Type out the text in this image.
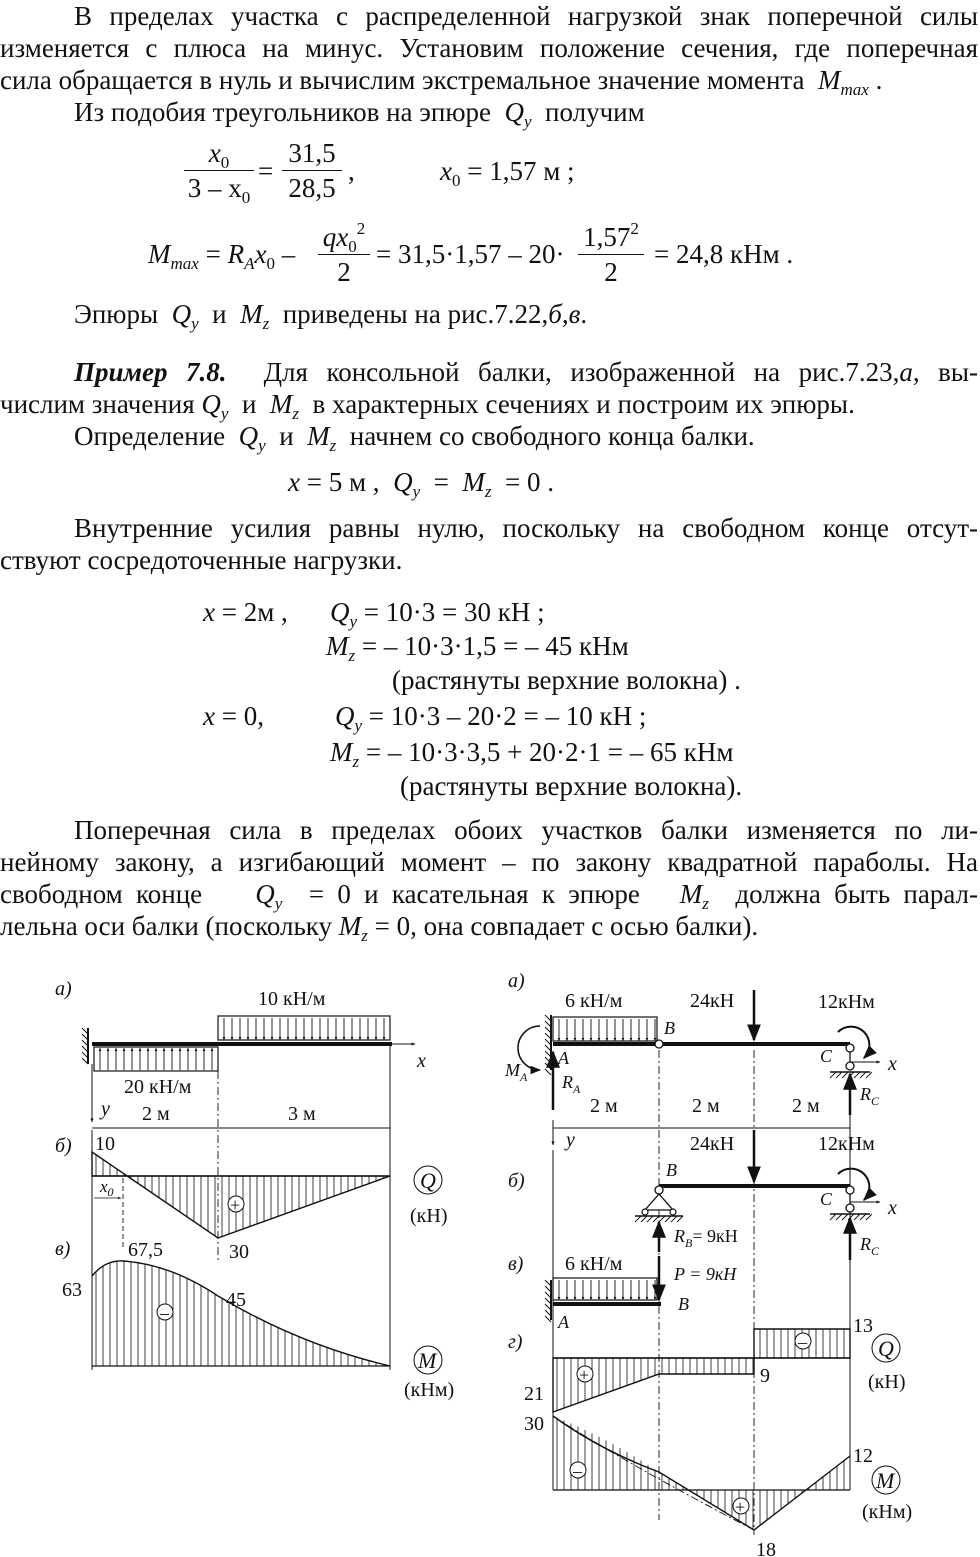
В пределах участка с распределенной нагрузкой знак поперечной силы
изменяется с плюса на минус. Установим положение сечения, где поперечная
сила обращается в нуль и вычислим экстремальное значение момента $M_{max}$ .
Из подобия треугольников на эпюре $Q_y$ получим
$x_0$
$3 - x_0$
=
31,5
28,5
,	$x_0 = 1,57$ м ;
$M_{max} = R_Ax_0$ –
$qx_0^2$
2
= 31,5·1,57 – 20·
$1,57^2$
2
= 24,8 кНм .
Эпюры  $Q_y$  и  $M_z$ приведены на рис.7.22,б,в.
Пример 7.8. Для консольной балки, изображенной на рис.7.23,а, вы-
числим значения $Q_y$  и  $M_z$ в характерных сечениях и построим их эпюры.
Определение $Q_y$  и  $M_z$ начнем со свободного конца балки.
x = 5 м , $Q_y = M_z = 0$ .
Внутренние усилия равны нулю, поскольку на свободном конце отсут-
ствуют сосредоточенные нагрузки.
x = 2м , $Q_y = 10\cdot 3 = 30$ кН ;
$M_z$ = – 10·3·1,5 = – 45 кНм
(растянуты верхние волокна) .
x = 0,	$Q_y = 10\cdot 3 - 20\cdot 2$ = – 10 кН ;
$M_z$ = – 10·3·3,5 + 20·2·1 = – 65 кНм
(растянуты верхние волокна).
Поперечная сила в пределах обоих участков балки изменяется по ли-
нейному закону, а изгибающий момент – по закону квадратной параболы. На
свободном конце $Q_y = 0$ и касательная к эпюре $M_z$ должна быть парал-
лельна оси балки (поскольку $M_z = 0$, она совпадает с осью балки).
а)
x
10 кН/м
20 кН/м
y 2 м	3 м
б) 10
30
+
$x_0$	Q
(кН)
в)
63
67,5
45
–
M
(кНм)
а)
x
B
A
6 кН/м	24кН	12кНм
C
$M_A$ $R_A$	$R_C$
2 м	2 м	2 м
y
б)
x
B
24кН	12кНм
$R_B= 9кН$
C
$R_C$
в) 6 кН/м	P = 9кН
B
A
г)
13
9
21
+
–	Q
(кН)
30
12
18
–
+
M
(кНм)
